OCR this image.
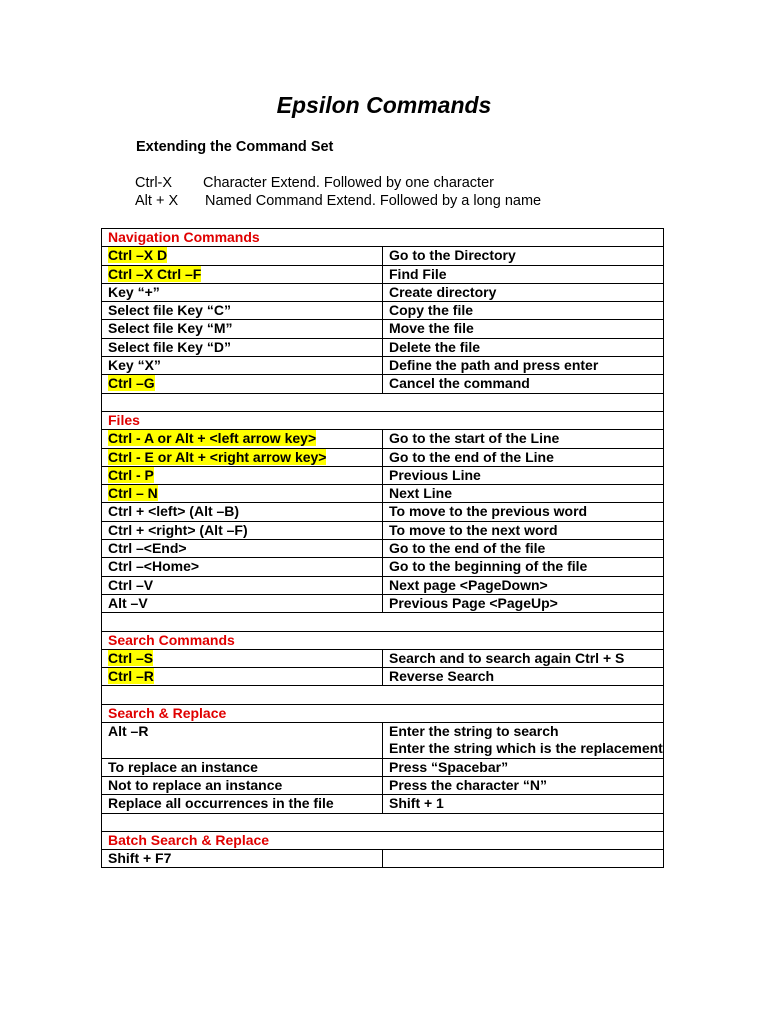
Epsilon Commands
Extending the Command Set
Ctrl-X Character Extend. Followed by one character
Alt + X Named Command Extend. Followed by a long name
Navigation Commands	
Ctrl –X D	Go to the Directory
Ctrl –X Ctrl –F	Find File
Key “+”	Create directory
Select file Key “C”	Copy the file
Select file Key “M”	Move the file
Select file Key “D”	Delete the file
Key “X”	Define the path and press enter
Ctrl –G	Cancel the command

Files	
Ctrl - A or Alt + <left arrow key>	Go to the start of the Line
Ctrl - E or Alt + <right arrow key>	Go to the end of the Line
Ctrl - P	Previous Line
Ctrl – N	Next Line
Ctrl + <left> (Alt –B)	To move to the previous word
Ctrl + <right> (Alt –F)	To move to the next word
Ctrl –<End>	Go to the end of the file
Ctrl –<Home>	Go to the beginning of the file
Ctrl –V	Next page <PageDown>
Alt –V	Previous Page <PageUp>

Search Commands	
Ctrl –S	Search and to search again Ctrl + S
Ctrl –R	Reverse Search

Search & Replace	
Alt –R	Enter the string to search
Enter the string which is the replacement

To replace an instance	Press “Spacebar”
Not to replace an instance	Press the character “N”
Replace all occurrences in the file	Shift + 1

Batch Search & Replace	
Shift + F7	
